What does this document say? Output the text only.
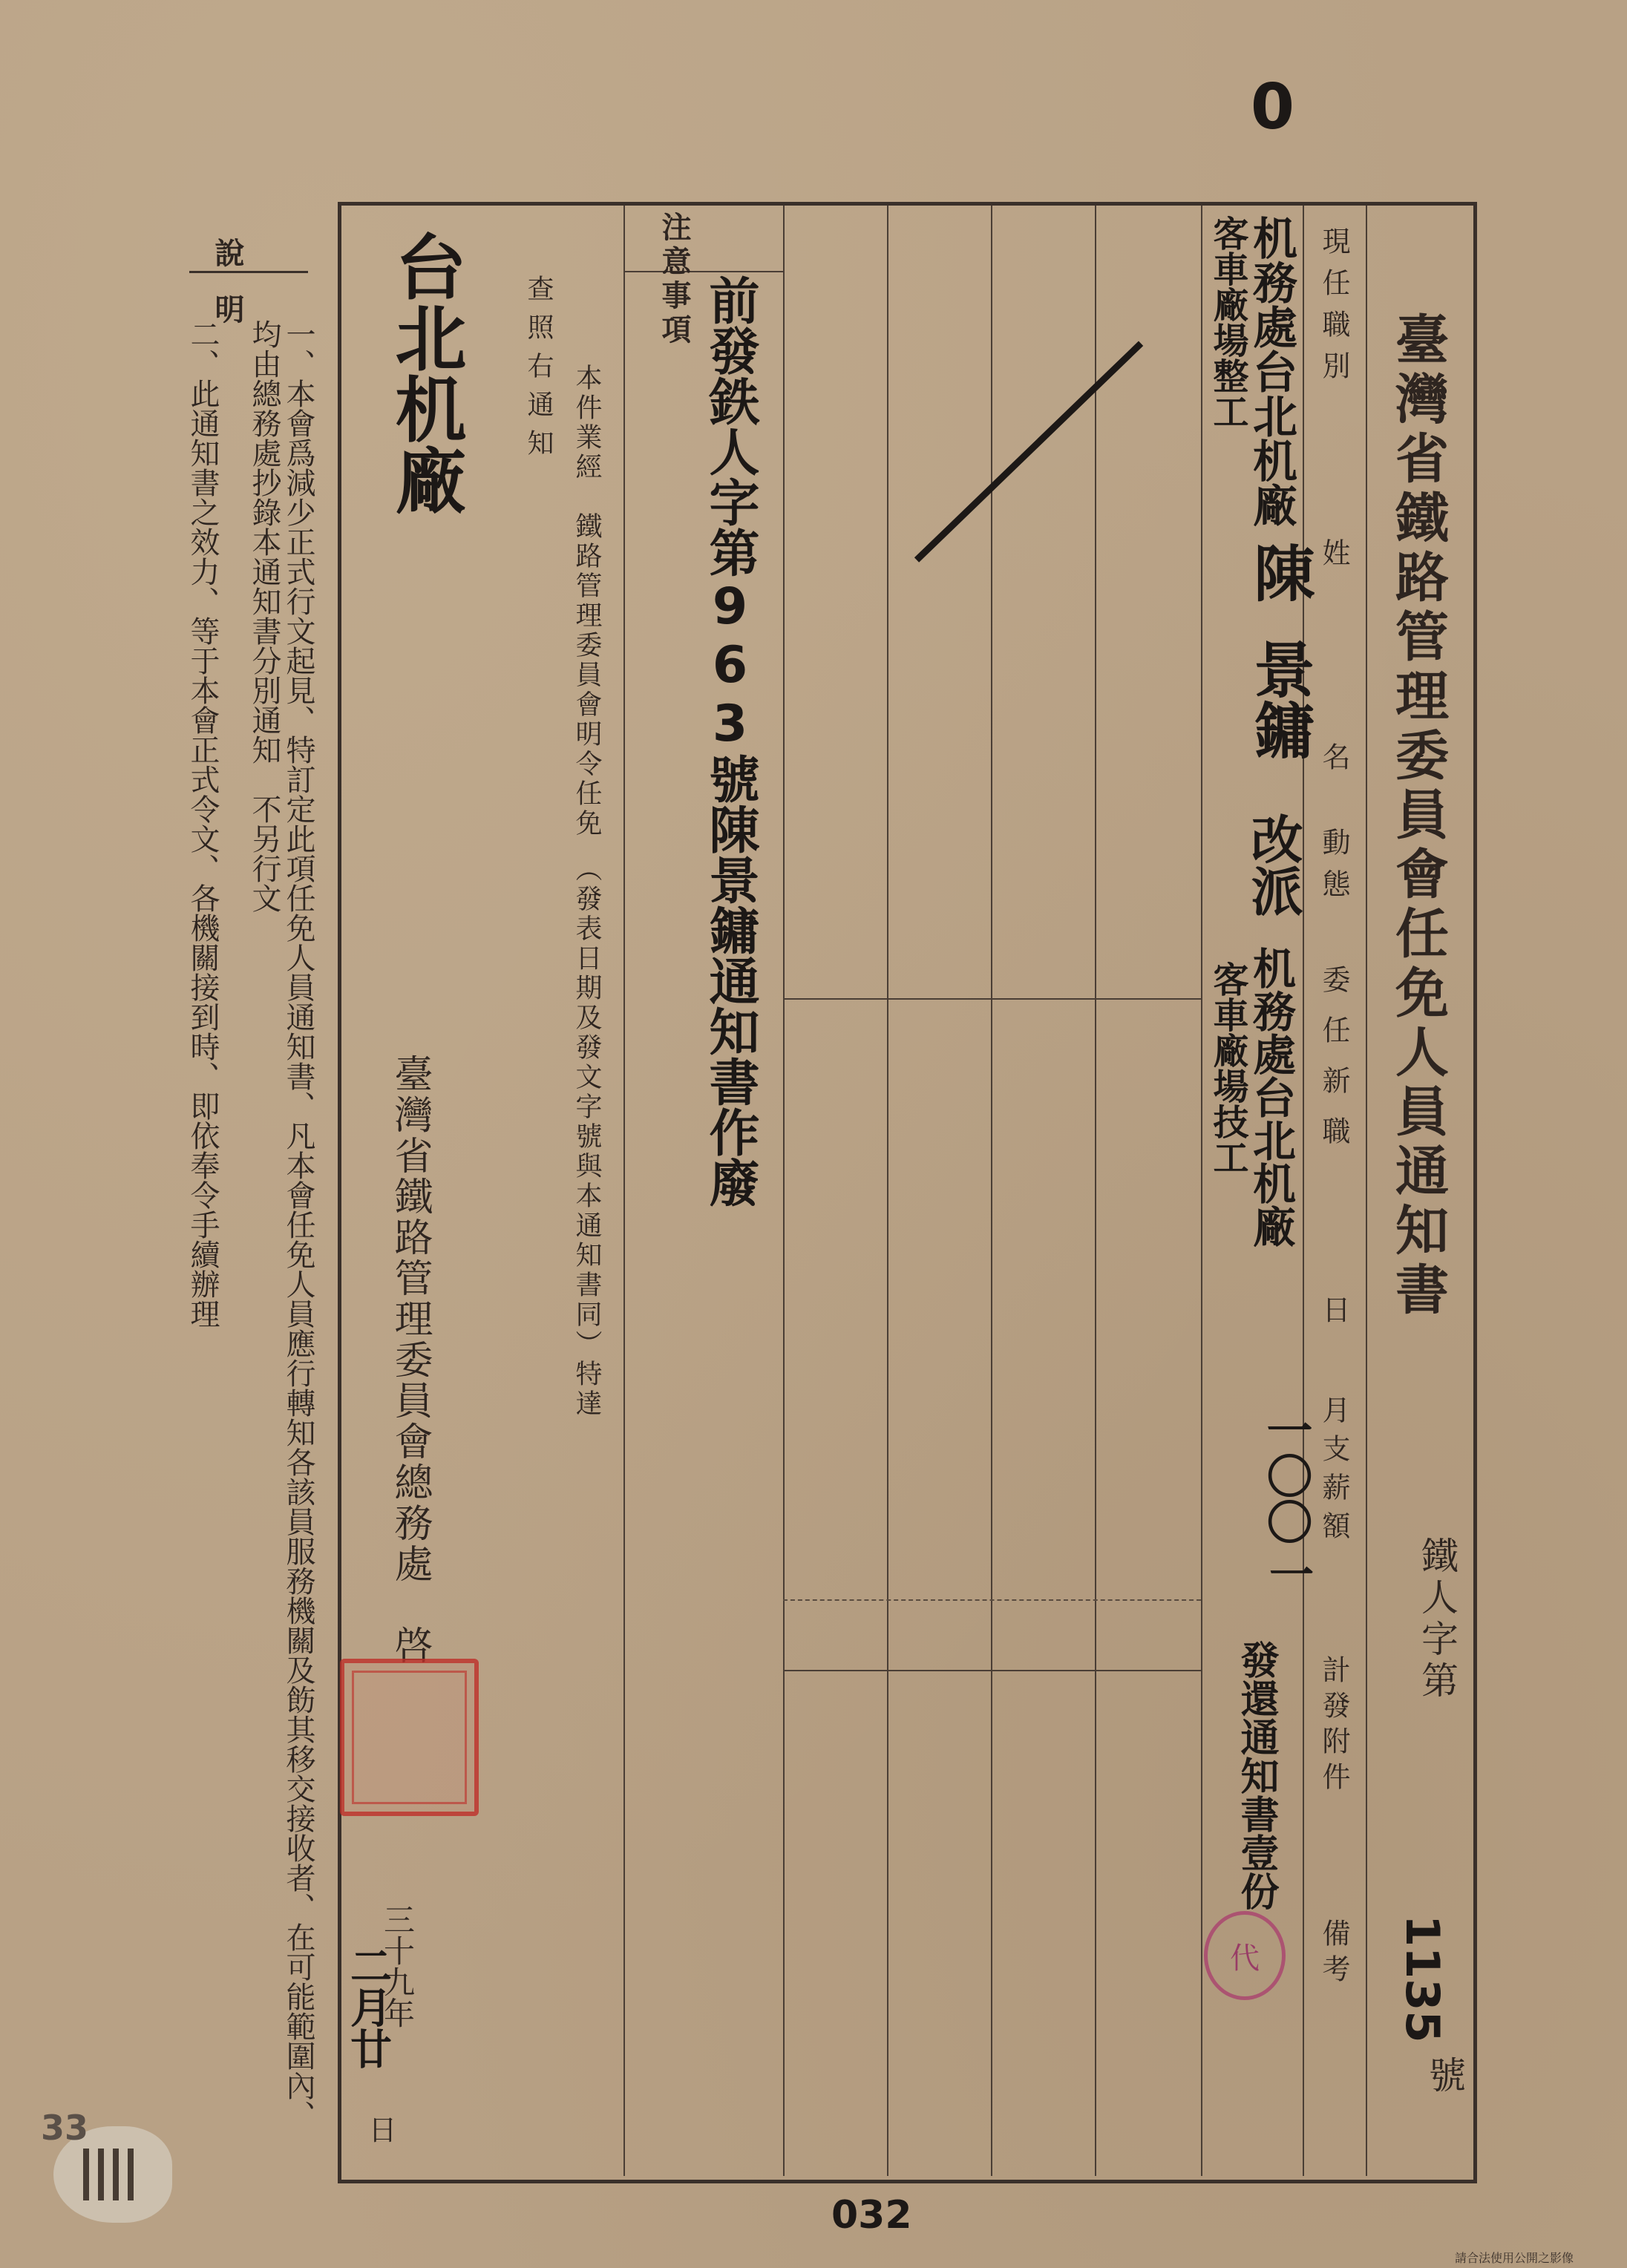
0
臺灣省鐵路管理委員會任免人員通知書
鐵人字第
1135
號
現任職別
姓
名
動態
委任新職
日
月支薪額
計發附件
備考
机務處台北机廠
客車廠場整工
陳
景鏞
改派
机務處台北机廠
客車廠場技工
一〇〇
一
發還通知書壹份
代
注意事項 前發鉄人字第963號陳景鏞通知書作廢
本件業經　鐵路管理委員會明令任免　（發表日期及發文字號與本通知書同）特達
查照右通知
台北机廠
臺灣省鐵路管理委員會總務處　啓
三十九年
二月廿
日
說明
一、本會爲減少正式行文起見、特訂定此項任免人員通知書、凡本會任免人員應行轉知各該員服務機關及飭其移交接收者、在可能範圍內、均由總務處抄錄本通知書分別通知　不另行文
二、此通知書之效力、等于本會正式令文、各機關接到時、即依奉令手續辦理
33
032
請合法使用公開之影像
